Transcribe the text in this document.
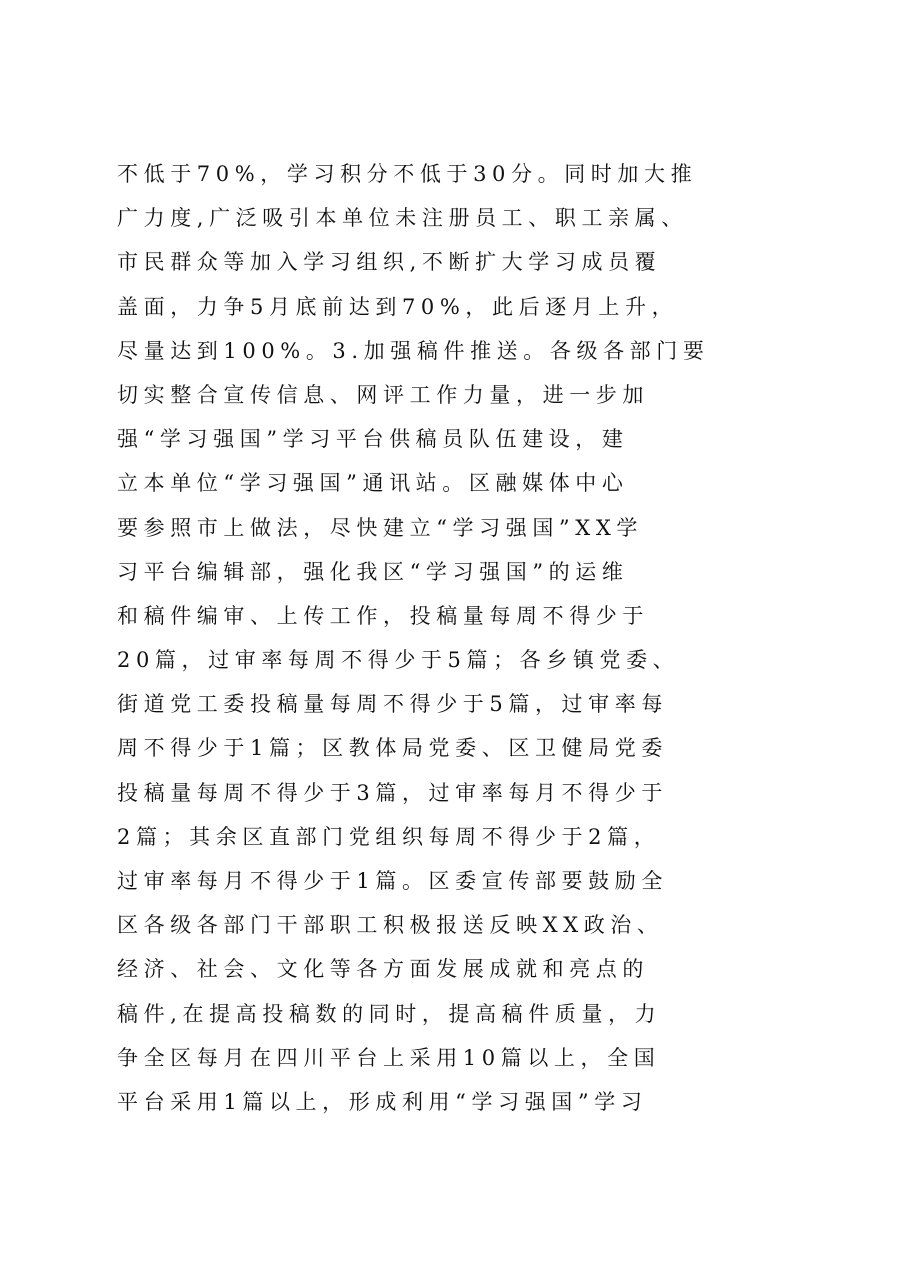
不低于70%，学习积分不低于30分。同时加大推
广力度,广泛吸引本单位未注册员工、职工亲属、
市民群众等加入学习组织,不断扩大学习成员覆
盖面，力争5月底前达到70%，此后逐月上升，
尽量达到100%。3.加强稿件推送。各级各部门要
切实整合宣传信息、网评工作力量，进一步加
强“学习强国”学习平台供稿员队伍建设，建
立本单位“学习强国”通讯站。区融媒体中心
要参照市上做法，尽快建立“学习强国”XX学
习平台编辑部，强化我区“学习强国”的运维
和稿件编审、上传工作，投稿量每周不得少于
20篇，过审率每周不得少于5篇；各乡镇党委、
街道党工委投稿量每周不得少于5篇，过审率每
周不得少于1篇；区教体局党委、区卫健局党委
投稿量每周不得少于3篇，过审率每月不得少于
2篇；其余区直部门党组织每周不得少于2篇，
过审率每月不得少于1篇。区委宣传部要鼓励全
区各级各部门干部职工积极报送反映XX政治、
经济、社会、文化等各方面发展成就和亮点的
稿件,在提高投稿数的同时，提高稿件质量，力
争全区每月在四川平台上采用10篇以上，全国
平台采用1篇以上，形成利用“学习强国”学习
